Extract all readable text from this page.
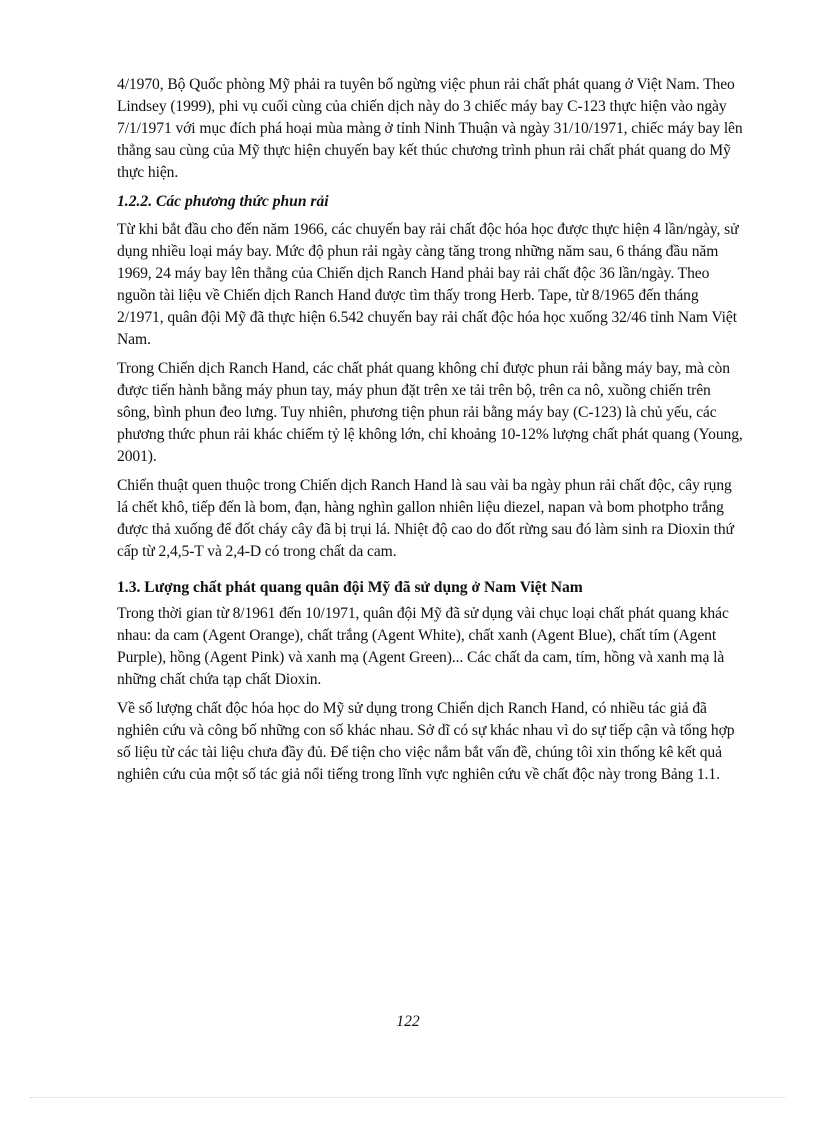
4/1970, Bộ Quốc phòng Mỹ phải ra tuyên bố ngừng việc phun rải chất phát quang ở Việt Nam. Theo Lindsey (1999), phi vụ cuối cùng của chiến dịch này do 3 chiếc máy bay C-123 thực hiện vào ngày 7/1/1971 với mục đích phá hoại mùa màng ở tỉnh Ninh Thuận và ngày 31/10/1971, chiếc máy bay lên thẳng sau cùng của Mỹ thực hiện chuyến bay kết thúc chương trình phun rải chất phát quang do Mỹ thực hiện.

1.2.2. Các phương thức phun rải

Từ khi bắt đầu cho đến năm 1966, các chuyến bay rải chất độc hóa học được thực hiện 4 lần/ngày, sử dụng nhiều loại máy bay. Mức độ phun rải ngày càng tăng trong những năm sau, 6 tháng đầu năm 1969, 24 máy bay lên thẳng của Chiến dịch Ranch Hand phải bay rải chất độc 36 lần/ngày. Theo nguồn tài liệu về Chiến dịch Ranch Hand được tìm thấy trong Herb. Tape, từ 8/1965 đến tháng 2/1971, quân đội Mỹ đã thực hiện 6.542 chuyến bay rải chất độc hóa học xuống 32/46 tỉnh Nam Việt Nam.

Trong Chiến dịch Ranch Hand, các chất phát quang không chỉ được phun rải bằng máy bay, mà còn được tiến hành bằng máy phun tay, máy phun đặt trên xe tải trên bộ, trên ca nô, xuồng chiến trên sông, bình phun đeo lưng. Tuy nhiên, phương tiện phun rải bằng máy bay (C-123) là chủ yếu, các phương thức phun rải khác chiếm tỷ lệ không lớn, chỉ khoảng 10-12% lượng chất phát quang (Young, 2001).

Chiến thuật quen thuộc trong Chiến dịch Ranch Hand là sau vài ba ngày phun rải chất độc, cây rụng lá chết khô, tiếp đến là bom, đạn, hàng nghìn gallon nhiên liệu diezel, napan và bom photpho trắng được thả xuống để đốt cháy cây đã bị trụi lá. Nhiệt độ cao do đốt rừng sau đó làm sinh ra Dioxin thứ cấp từ 2,4,5-T và 2,4-D có trong chất da cam.

1.3. Lượng chất phát quang quân đội Mỹ đã sử dụng ở Nam Việt Nam

Trong thời gian từ 8/1961 đến 10/1971, quân đội Mỹ đã sử dụng vài chục loại chất phát quang khác nhau: da cam (Agent Orange), chất trắng (Agent White), chất xanh (Agent Blue), chất tím (Agent Purple), hồng (Agent Pink) và xanh mạ (Agent Green)... Các chất da cam, tím, hồng và xanh mạ là những chất chứa tạp chất Dioxin.

Về số lượng chất độc hóa học do Mỹ sử dụng trong Chiến dịch Ranch Hand, có nhiều tác giả đã nghiên cứu và công bố những con số khác nhau. Sở dĩ có sự khác nhau vì do sự tiếp cận và tổng hợp số liệu từ các tài liệu chưa đầy đủ. Để tiện cho việc nắm bắt vấn đề, chúng tôi xin thống kê kết quả nghiên cứu của một số tác giả nổi tiếng trong lĩnh vực nghiên cứu về chất độc này trong Bảng 1.1.

122
